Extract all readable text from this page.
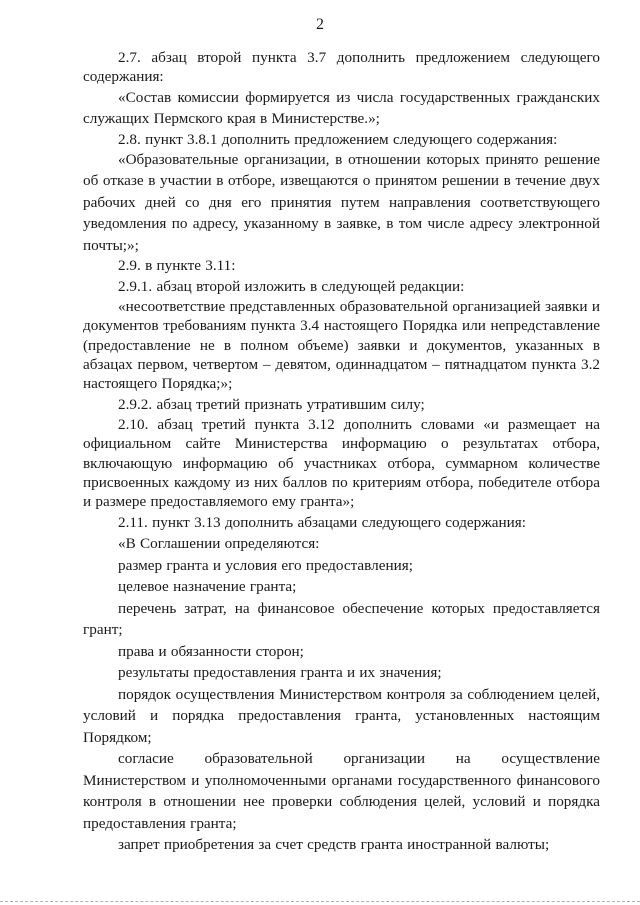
2

2.7. абзац второй пункта 3.7 дополнить предложением следующего содержания:

«Состав комиссии формируется из числа государственных гражданских служащих Пермского края в Министерстве.»;

2.8. пункт 3.8.1 дополнить предложением следующего содержания:

«Образовательные организации, в отношении которых принято решение об отказе в участии в отборе, извещаются о принятом решении в течение двух рабочих дней со дня его принятия путем направления соответствующего уведомления по адресу, указанному в заявке, в том числе адресу электронной почты;»;

2.9. в пункте 3.11:

2.9.1. абзац второй изложить в следующей редакции:

«несоответствие представленных образовательной организацией заявки и документов требованиям пункта 3.4 настоящего Порядка или непредставление (предоставление не в полном объеме) заявки и документов, указанных в абзацах первом, четвертом – девятом, одиннадцатом – пятнадцатом пункта 3.2 настоящего Порядка;»;

2.9.2. абзац третий признать утратившим силу;

2.10. абзац третий пункта 3.12 дополнить словами «и размещает на официальном сайте Министерства информацию о результатах отбора, включающую информацию об участниках отбора, суммарном количестве присвоенных каждому из них баллов по критериям отбора, победителе отбора и размере предоставляемого ему гранта»;

2.11. пункт 3.13 дополнить абзацами следующего содержания:

«В Соглашении определяются:

размер гранта и условия его предоставления;

целевое назначение гранта;

перечень затрат, на финансовое обеспечение которых предоставляется грант;

права и обязанности сторон;

результаты предоставления гранта и их значения;

порядок осуществления Министерством контроля за соблюдением целей, условий и порядка предоставления гранта, установленных настоящим Порядком;

согласие образовательной организации на осуществление Министерством и уполномоченными органами государственного финансового контроля в отношении нее проверки соблюдения целей, условий и порядка предоставления гранта;

запрет приобретения за счет средств гранта иностранной валюты;
